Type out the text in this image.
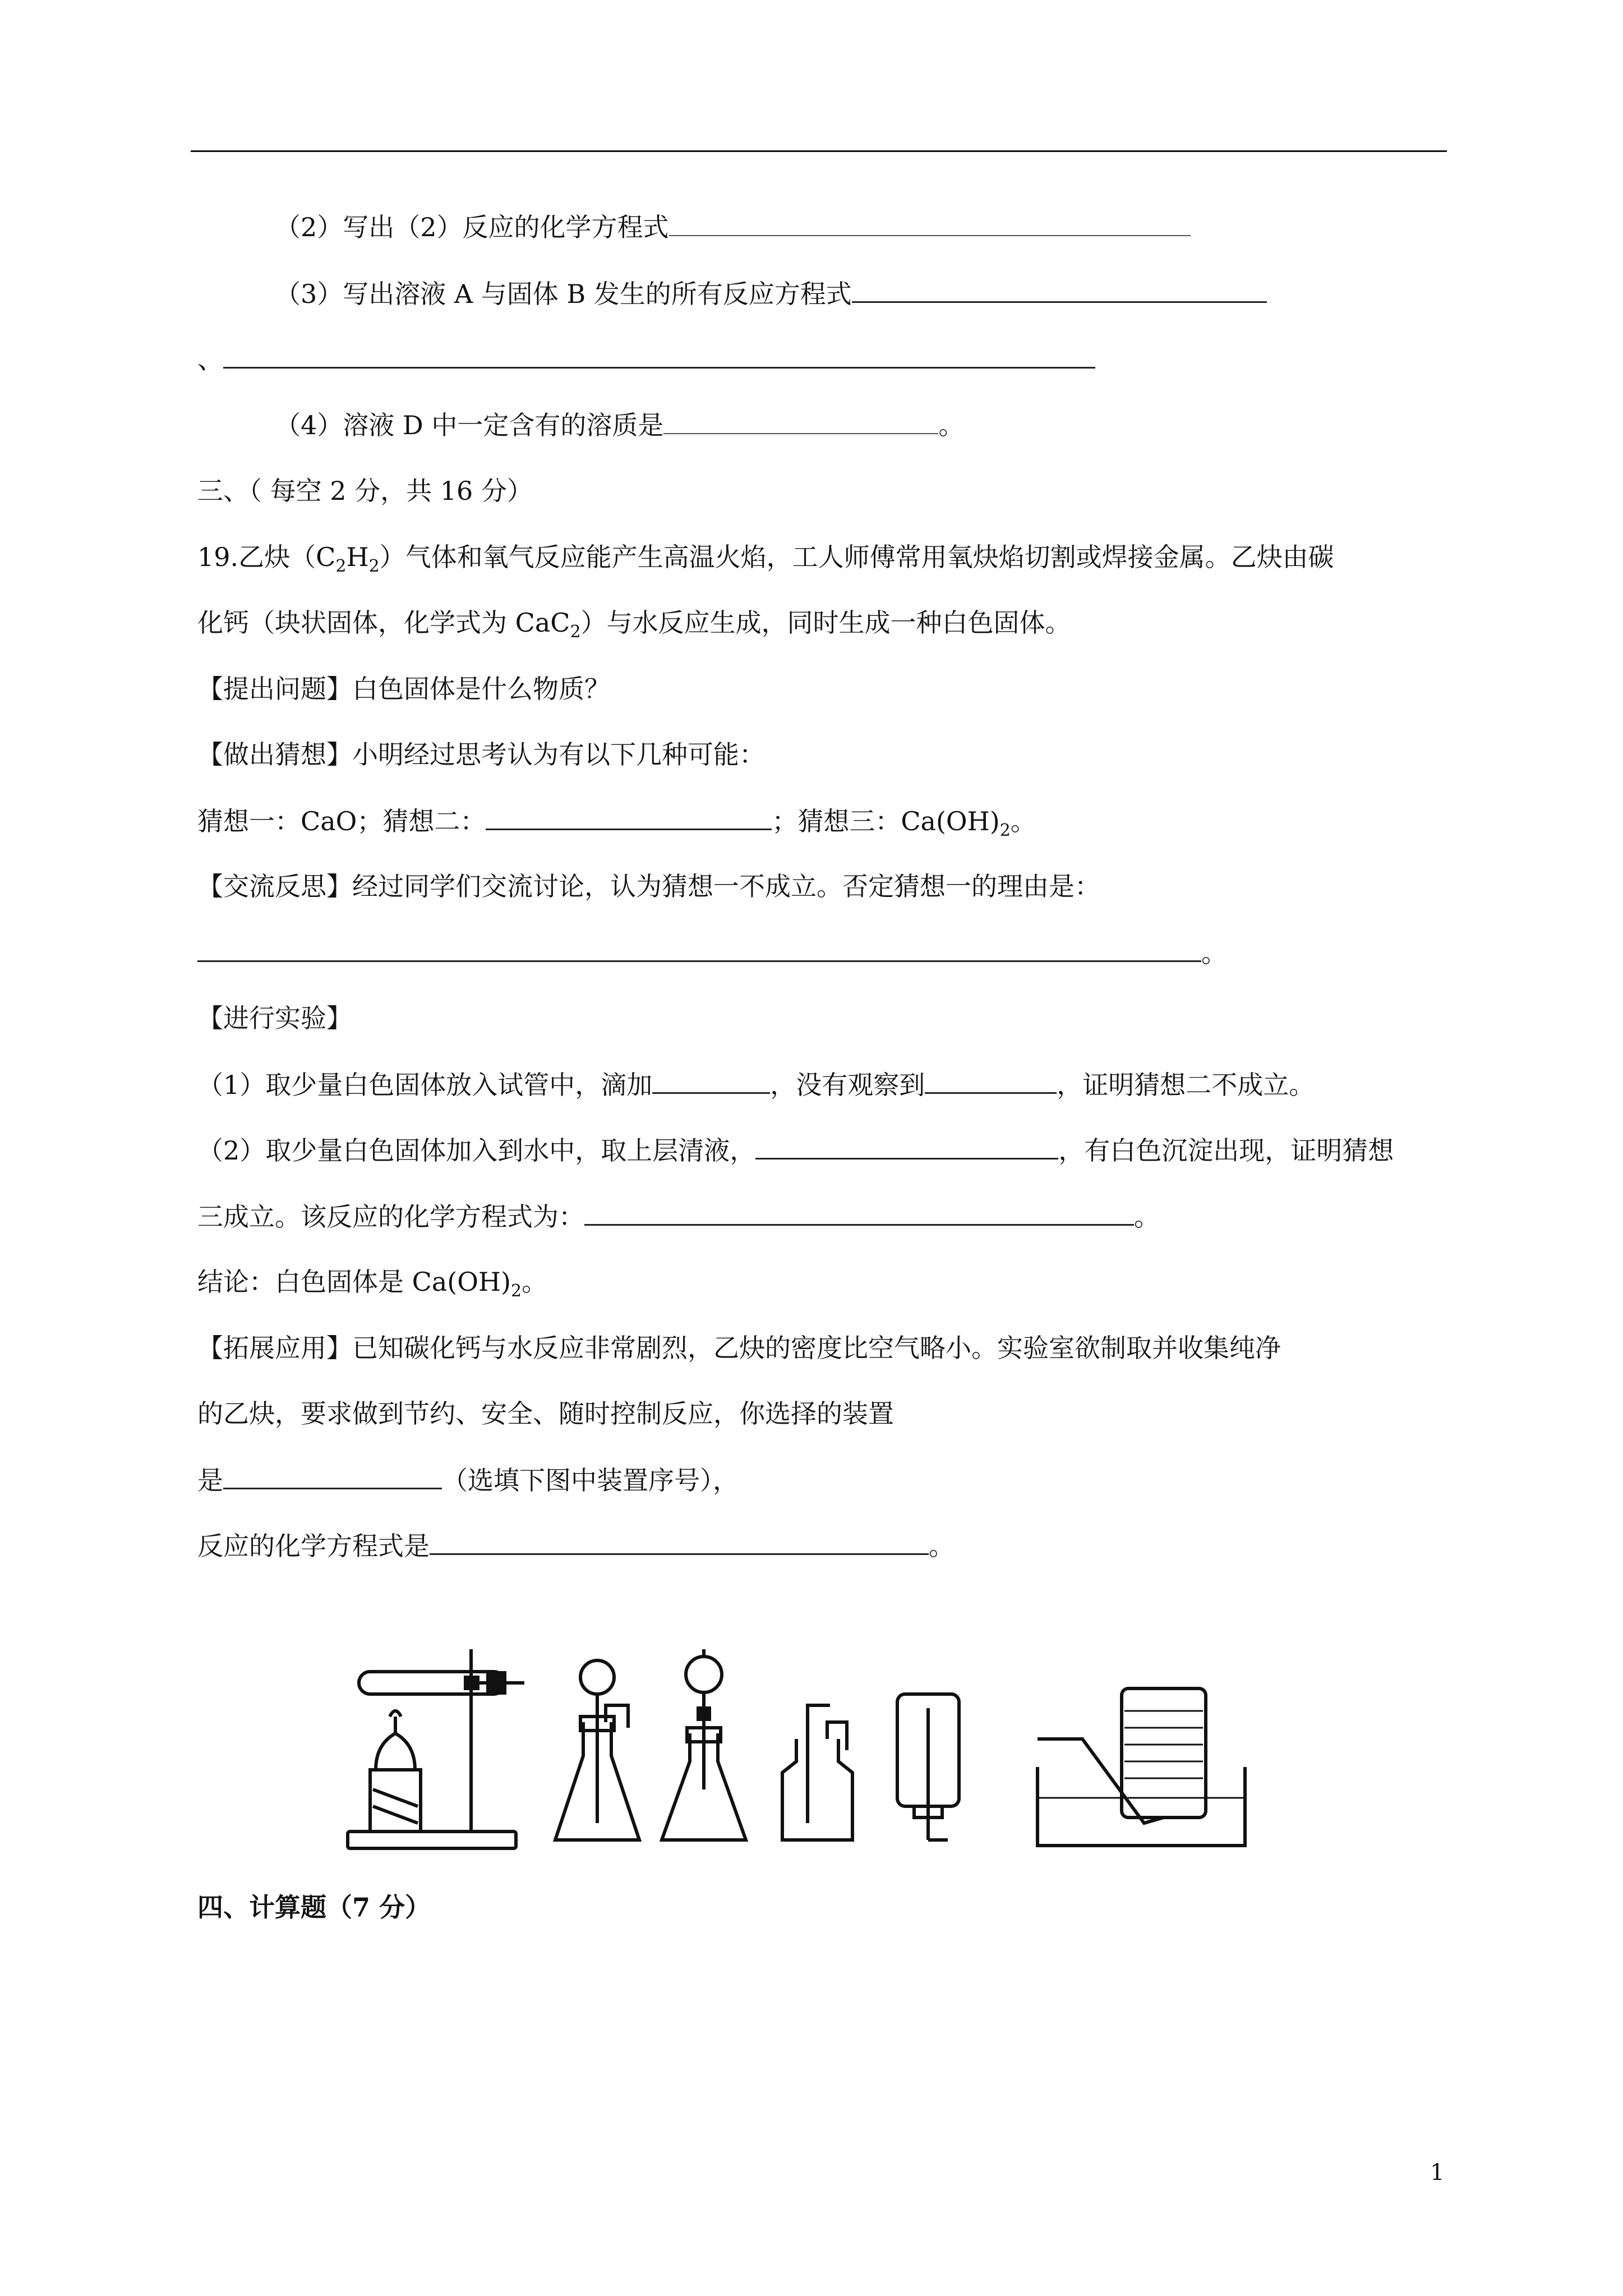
（2）写出（2）反应的化学方程式
（3）写出溶液 A 与固体 B 发生的所有反应方程式
、
（4）溶液 D 中一定含有的溶质是	。
三、（ 每空 2 分，共 16 分）
19.乙炔$(C_2H_2)$气体和氧气反应能产生高温火焰，工人师傅常用氧炔焰切割或焊接金属。乙炔由碳
化钙（块状固体，化学式为 CaC$_2$）与水反应生成，同时生成一种白色固体。
【提出问题】白色固体是什么物质？
【做出猜想】小明经过思考认为有以下几种可能：
猜想一：CaO；猜想二：	；猜想三：$Ca(OH)_2$。
【交流反思】经过同学们交流讨论，认为猜想一不成立。否定猜想一的理由是：
。
【进行实验】
（1）取少量白色固体放入试管中，滴加	，没有观察到	，证明猜想二不成立。
（2）取少量白色固体加入到水中，取上层清液，	，有白色沉淀出现，证明猜想
三成立。该反应的化学方程式为：	。
结论：白色固体是 $Ca(OH)_2$。
【拓展应用】已知碳化钙与水反应非常剧烈，乙炔的密度比空气略小。实验室欲制取并收集纯净
的乙炔，要求做到节约、安全、随时控制反应，你选择的装置
是	（选填下图中装置序号），
反应的化学方程式是	。
四、计算题（7 分）
1
